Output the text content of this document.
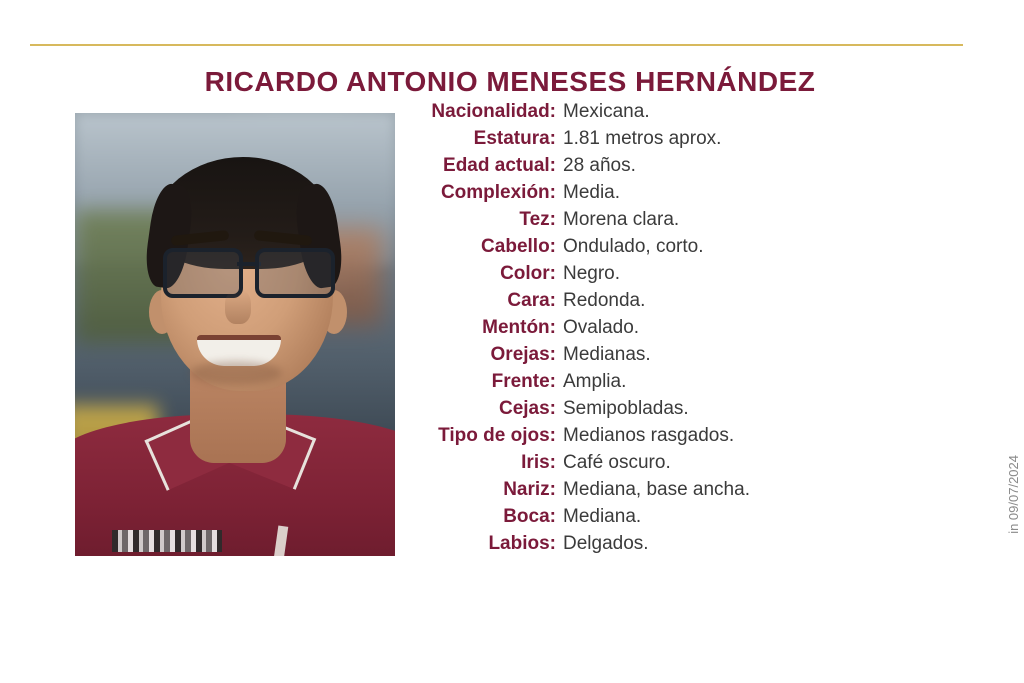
RICARDO ANTONIO MENESES HERNÁNDEZ
Nacionalidad: Mexicana.
Estatura: 1.81 metros aprox.
Edad actual: 28 años.
Complexión: Media.
Tez: Morena clara.
Cabello: Ondulado, corto.
Color: Negro.
Cara: Redonda.
Mentón: Ovalado.
Orejas: Medianas.
Frente: Amplia.
Cejas: Semipobladas.
Tipo de ojos: Medianos rasgados.
Iris: Café oscuro.
Nariz: Mediana, base ancha.
Boca: Mediana.
Labios: Delgados.
in 09/07/2024
